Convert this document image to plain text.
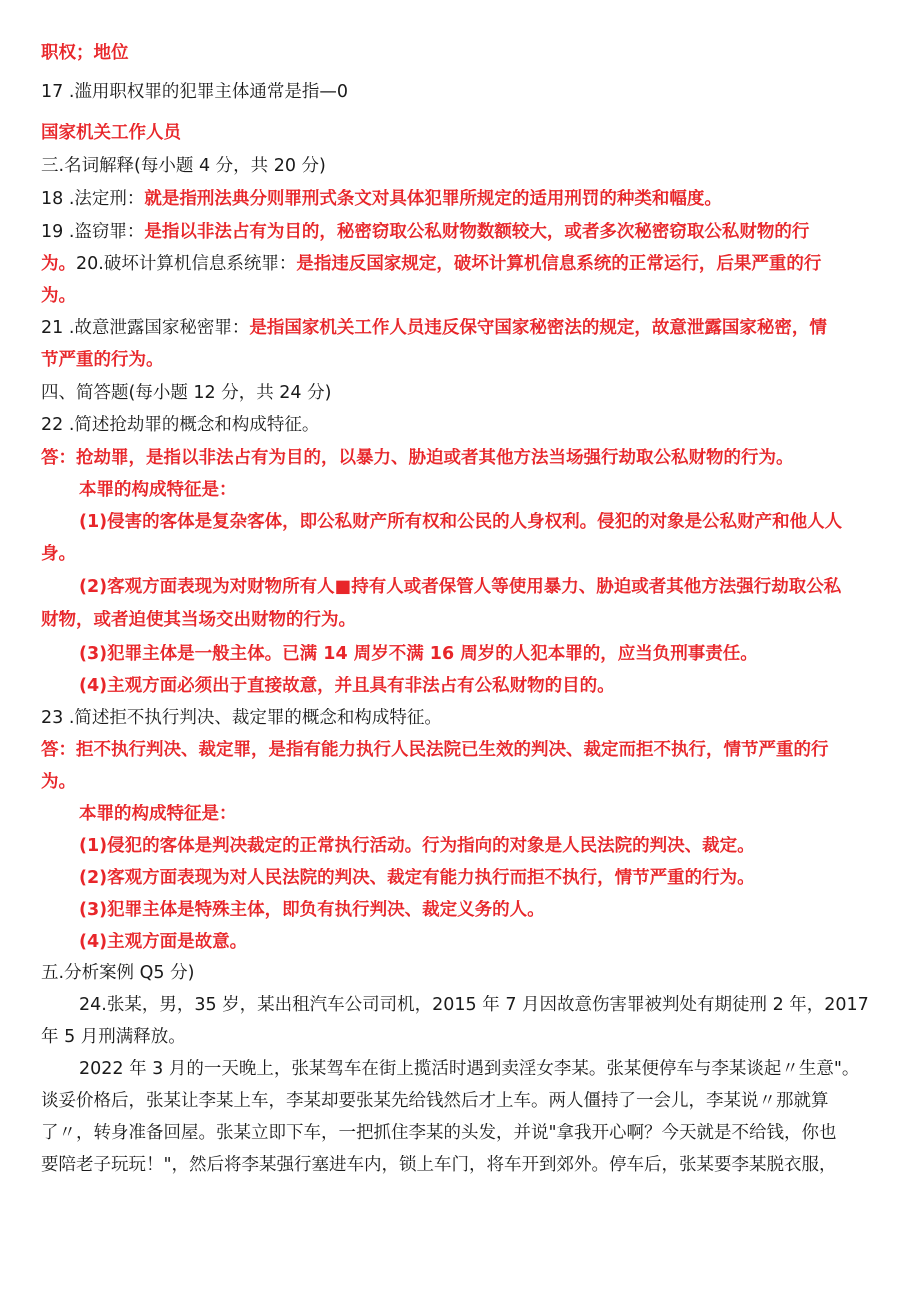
职权；地位
17 .滥用职权罪的犯罪主体通常是指—0
国家机关工作人员
三.名词解释(每小题 4 分，共 20 分)
18 .法定刑：就是指刑法典分则罪刑式条文对具体犯罪所规定的适用刑罚的种类和幅度。
19 .盗窃罪：是指以非法占有为目的，秘密窃取公私财物数额较大，或者多次秘密窃取公私财物的行
为。20.破坏计算机信息系统罪：是指违反国家规定，破坏计算机信息系统的正常运行，后果严重的行
为。
21 .故意泄露国家秘密罪：是指国家机关工作人员违反保守国家秘密法的规定，故意泄露国家秘密，情
节严重的行为。
四、简答题(每小题 12 分，共 24 分)
22 .简述抢劫罪的概念和构成特征。
答：抢劫罪，是指以非法占有为目的，以暴力、胁迫或者其他方法当场强行劫取公私财物的行为。
本罪的构成特征是：
(1)侵害的客体是复杂客体，即公私财产所有权和公民的人身权利。侵犯的对象是公私财产和他人人
身。
(2)客观方面表现为对财物所有人■持有人或者保管人等使用暴力、胁迫或者其他方法强行劫取公私
财物，或者迫使其当场交出财物的行为。
(3)犯罪主体是一般主体。已满 14 周岁不满 16 周岁的人犯本罪的，应当负刑事责任。
(4)主观方面必须出于直接故意，并且具有非法占有公私财物的目的。
23 .简述拒不执行判决、裁定罪的概念和构成特征。
答：拒不执行判决、裁定罪，是指有能力执行人民法院已生效的判决、裁定而拒不执行，情节严重的行
为。
本罪的构成特征是：
(1)侵犯的客体是判决裁定的正常执行活动。行为指向的对象是人民法院的判决、裁定。
(2)客观方面表现为对人民法院的判决、裁定有能力执行而拒不执行，情节严重的行为。
(3)犯罪主体是特殊主体，即负有执行判决、裁定义务的人。
(4)主观方面是故意。
五.分析案例 Q5 分)
24.张某，男，35 岁，某出租汽车公司司机，2015 年 7 月因故意伤害罪被判处有期徒刑 2 年，2017
年 5 月刑满释放。
2022 年 3 月的一天晚上，张某驾车在街上揽活时遇到卖淫女李某。张某便停车与李某谈起〃生意"。
谈妥价格后，张某让李某上车，李某却要张某先给钱然后才上车。两人僵持了一会儿，李某说〃那就算
了〃，转身准备回屋。张某立即下车，一把抓住李某的头发，并说"拿我开心啊？今天就是不给钱，你也
要陪老子玩玩！"，然后将李某强行塞进车内，锁上车门，将车开到郊外。停车后，张某要李某脱衣服，
